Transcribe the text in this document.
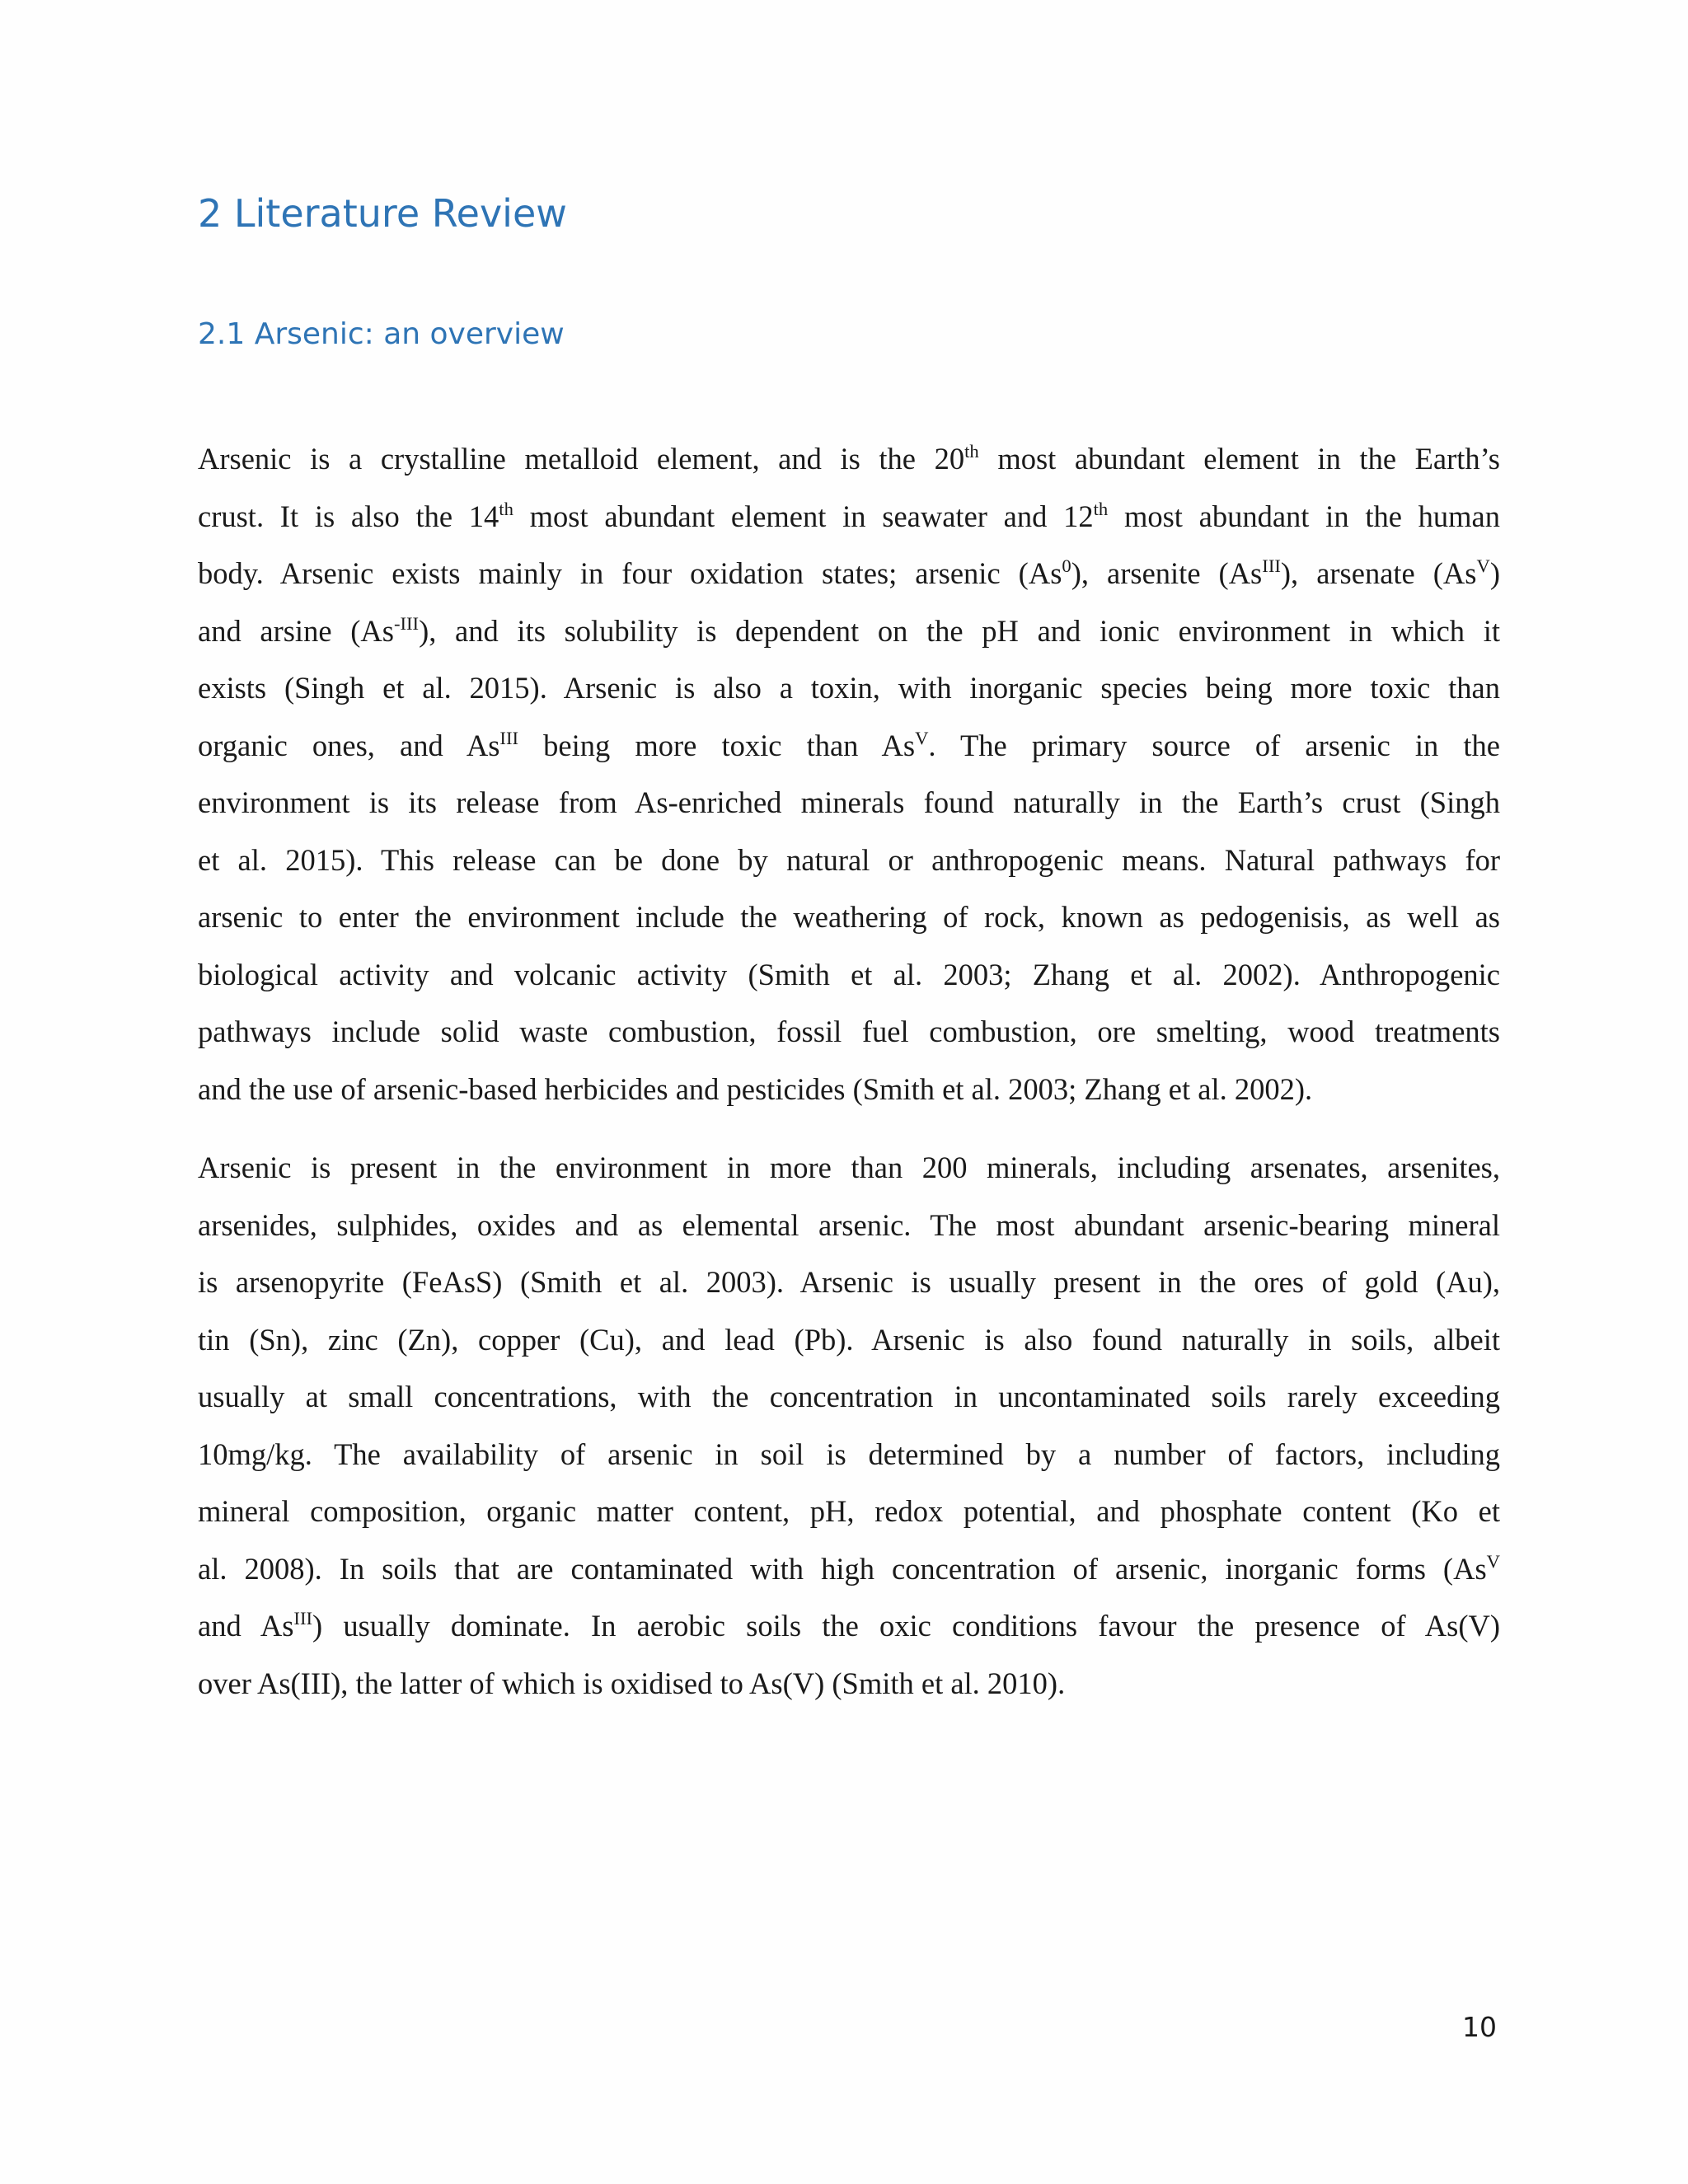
2 Literature Review
2.1 Arsenic: an overview

Arsenic is a crystalline metalloid element, and is the 20th most abundant element in the Earth’s
crust. It is also the 14th most abundant element in seawater and 12th most abundant in the human
body. Arsenic exists mainly in four oxidation states; arsenic (As$^0$), arsenite $(As^{III})$, arsenate $(As^V)$
and arsine $(As^{-III})$, and its solubility is dependent on the pH and ionic environment in which it
exists (Singh et al. 2015). Arsenic is also a toxin, with inorganic species being more toxic than
organic ones, and $As^{III}$ being more toxic than $As^V$. The primary source of arsenic in the
environment is its release from As-enriched minerals found naturally in the Earth’s crust (Singh
et al. 2015). This release can be done by natural or anthropogenic means. Natural pathways for
arsenic to enter the environment include the weathering of rock, known as pedogenisis, as well as
biological activity and volcanic activity (Smith et al. 2003; Zhang et al. 2002). Anthropogenic
pathways include solid waste combustion, fossil fuel combustion, ore smelting, wood treatments
and the use of arsenic-based herbicides and pesticides (Smith et al. 2003; Zhang et al. 2002).

Arsenic is present in the environment in more than 200 minerals, including arsenates, arsenites,
arsenides, sulphides, oxides and as elemental arsenic. The most abundant arsenic-bearing mineral
is arsenopyrite (FeAsS) (Smith et al. 2003). Arsenic is usually present in the ores of gold (Au),
tin (Sn), zinc (Zn), copper (Cu), and lead (Pb). Arsenic is also found naturally in soils, albeit
usually at small concentrations, with the concentration in uncontaminated soils rarely exceeding
10mg/kg. The availability of arsenic in soil is determined by a number of factors, including
mineral composition, organic matter content, pH, redox potential, and phosphate content (Ko et
al. 2008). In soils that are contaminated with high concentration of arsenic, inorganic forms ($As^V$
and $As^{III}$) usually dominate. In aerobic soils the oxic conditions favour the presence of As(V)
over As(III), the latter of which is oxidised to As(V) (Smith et al. 2010).

10
